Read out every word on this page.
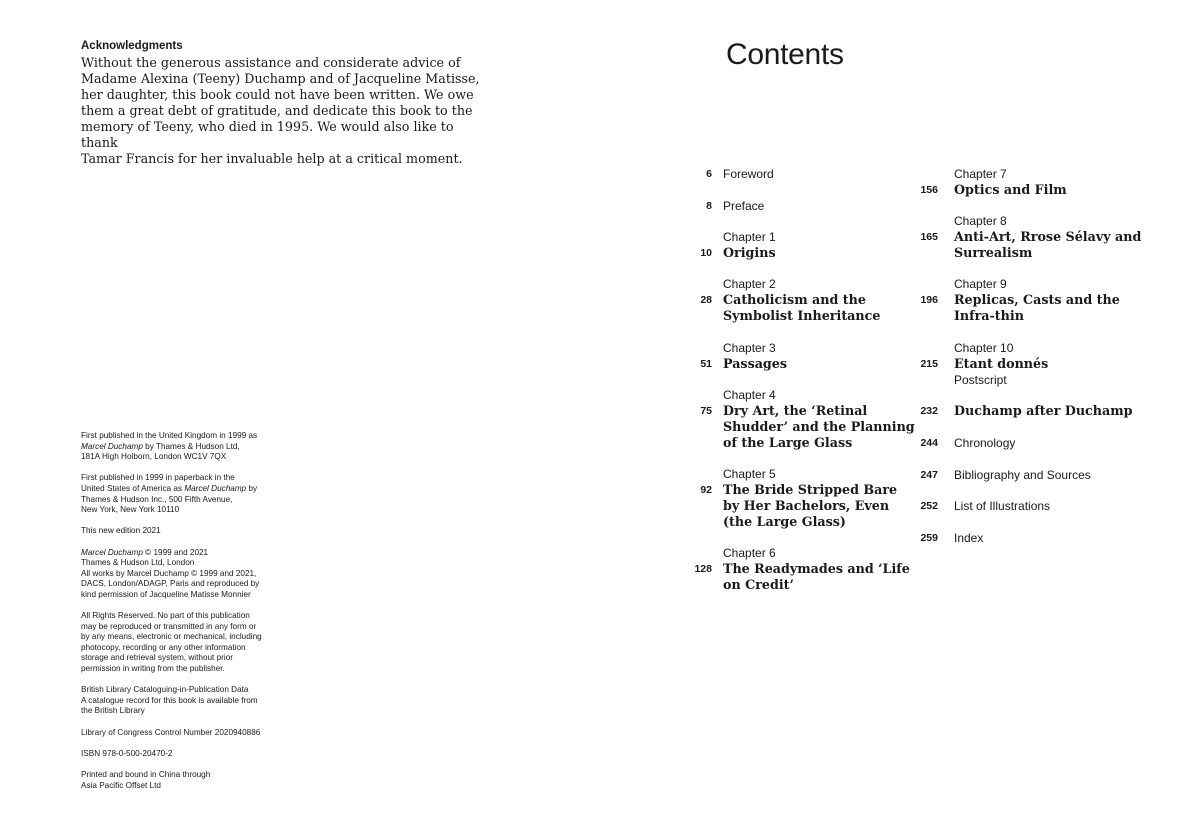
Acknowledgments
Without the generous assistance and considerate advice of
Madame Alexina (Teeny) Duchamp and of Jacqueline Matisse,
her daughter, this book could not have been written. We owe
them a great debt of gratitude, and dedicate this book to the
memory of Teeny, who died in 1995. We would also like to thank
Tamar Francis for her invaluable help at a critical moment.

First published in the United Kingdom in 1999 as
Marcel Duchamp by Thames & Hudson Ltd,
181A High Holborn, London WC1V 7QX

First published in 1999 in paperback in the
United States of America as Marcel Duchamp by
Thames & Hudson Inc., 500 Fifth Avenue,
New York, New York 10110

This new edition 2021

Marcel Duchamp © 1999 and 2021
Thames & Hudson Ltd, London
All works by Marcel Duchamp © 1999 and 2021,
DACS, London/ADAGP, Paris and reproduced by
kind permission of Jacqueline Matisse Monnier

All Rights Reserved. No part of this publication
may be reproduced or transmitted in any form or
by any means, electronic or mechanical, including
photocopy, recording or any other information
storage and retrieval system, without prior
permission in writing from the publisher.

British Library Cataloguing-in-Publication Data
A catalogue record for this book is available from
the British Library

Library of Congress Control Number 2020940886

ISBN 978-0-500-20470-2

Printed and bound in China through
Asia Pacific Offset Ltd

Contents
6 Foreword
8 Preface
10
Chapter 1
Origins
28
Chapter 2
Catholicism and the
Symbolist Inheritance
51
Chapter 3
Passages
75
Chapter 4
Dry Art, the ‘Retinal
Shudder’ and the Planning
of the Large Glass
92
Chapter 5
The Bride Stripped Bare
by Her Bachelors, Even
(the Large Glass)
128
Chapter 6
The Readymades and ‘Life
on Credit’
156
Chapter 7
Optics and Film
165
Chapter 8
Anti-Art, Rrose Sélavy and
Surrealism
196
Chapter 9
Replicas, Casts and the
Infra-thin
215
Chapter 10
Etant donnés
Postscript
232 Duchamp after Duchamp
244 Chronology
247 Bibliography and Sources
252 List of Illustrations
259 Index
